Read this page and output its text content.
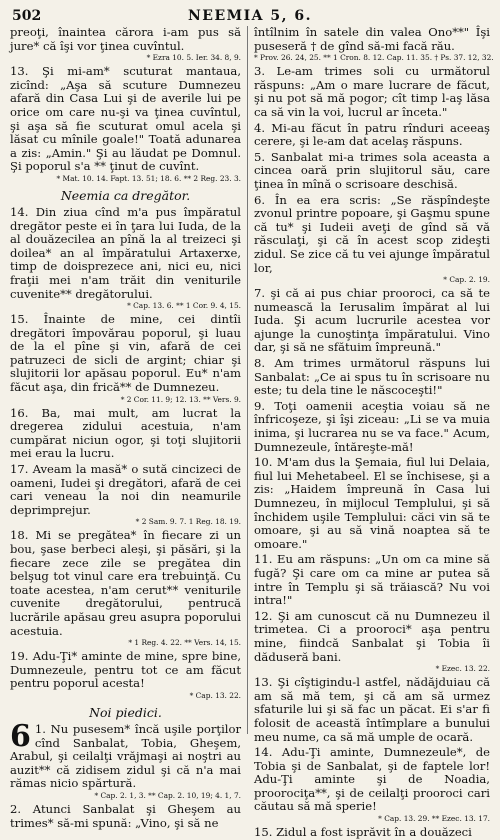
502	NEEMIA 5, 6.

preoţi, înaintea cărora i-am pus să jure* că îşi vor ţinea cuvîntul.

* Ezra 10. 5. Ier. 34. 8, 9.

13. Şi mi-am* scuturat mantaua, zicînd: „Aşa să scuture Dumnezeu afară din Casa Lui şi de averile lui pe orice om care nu-şi va ţinea cuvîntul, şi aşa să fie scuturat omul acela şi lăsat cu mînile goale!" Toată adunarea a zis: „Amin." Şi au lăudat pe Domnul. Şi poporul s'a ** ţinut de cuvînt.

* Mat. 10. 14. Fapt. 13. 51; 18. 6. ** 2 Reg. 23. 3.
Neemia ca dregător.

14. Din ziua cînd m'a pus împăratul dregător peste ei în ţara lui Iuda, de la al douăzecilea an pînă la al treizeci şi doilea* an al împăratului Artaxerxe, timp de doisprezece ani, nici eu, nici fraţii mei n'am trăit din veniturile cuvenite** dregătorului.

* Cap. 13. 6. ** 1 Cor. 9. 4, 15.

15. Înainte de mine, cei dintîi dregători împovărau poporul, şi luau de la el pîne şi vin, afară de cei patruzeci de sicli de argint; chiar şi slujitorii lor apăsau poporul. Eu* n'am făcut aşa, din frică** de Dumnezeu.

* 2 Cor. 11. 9; 12. 13. ** Vers. 9.

16. Ba, mai mult, am lucrat la dregerea zidului acestuia, n'am cumpărat niciun ogor, şi toţi slujitorii mei erau la lucru.

17. Aveam la masă* o sută cincizeci de oameni, Iudei şi dregători, afară de cei cari veneau la noi din neamurile deprimprejur.

* 2 Sam. 9. 7. 1 Reg. 18. 19.

18. Mi se pregătea* în fiecare zi un bou, şase berbeci aleşi, şi păsări, şi la fiecare zece zile se pregătea din belşug tot vinul care era trebuinţă. Cu toate acestea, n'am cerut** veniturile cuvenite dregătorului, pentrucă lucrările apăsau greu asupra poporului acestuia.

* 1 Reg. 4. 22. ** Vers. 14, 15.

19. Adu-Ţi* aminte de mine, spre bine, Dumnezeule, pentru tot ce am făcut pentru poporul acesta!

* Cap. 13. 22.
Noi piedici.
6 1. Nu pusesem* încă uşile porţilor cînd Sanbalat, Tobia, Gheşem, Arabul, şi ceilalţi vrăjmaşi ai noştri au auzit** că zidisem zidul şi că n'a mai rămas nicio spărtură.

* Cap. 2. 1, 3. ** Cap. 2. 10, 19; 4. 1, 7.

2. Atunci Sanbalat şi Gheşem au trimes* să-mi spună: „Vino, şi să ne

întîlnim în satele din valea Ono**" Îşi puseseră † de gînd să-mi facă rău.

* Prov. 26. 24, 25. ** 1 Cron. 8. 12. Cap. 11. 35. † Ps. 37. 12, 32.

3. Le-am trimes soli cu următorul răspuns: „Am o mare lucrare de făcut, şi nu pot să mă pogor; cît timp l-aş lăsa ca să vin la voi, lucrul ar înceta."

4. Mi-au făcut în patru rînduri aceeaş cerere, şi le-am dat acelaş răspuns.

5. Sanbalat mi-a trimes sola aceasta a cincea oară prin slujitorul său, care ţinea în mînă o scrisoare deschisă.

6. În ea era scris: „Se răspîndeşte zvonul printre popoare, şi Gaşmu spune că tu* şi Iudeii aveţi de gînd să vă răsculaţi, şi că în acest scop zideşti zidul. Se zice că tu vei ajunge împăratul lor,

* Cap. 2. 19.

7. şi că ai pus chiar prooroci, ca să te numească la Ierusalim împărat al lui Iuda. Şi acum lucrurile acestea vor ajunge la cunoştinţa împăratului. Vino dar, şi să ne sfătuim împreună."

8. Am trimes următorul răspuns lui Sanbalat: „Ce ai spus tu în scrisoare nu este; tu dela tine le născoceşti!"

9. Toţi oamenii aceştia voiau să ne înfricoşeze, şi îşi ziceau: „Li se va muia inima, şi lucrarea nu se va face." Acum, Dumnezeule, întăreşte-mă!

10. M'am dus la Şemaia, fiul lui Delaia, fiul lui Mehetabeel. El se închisese, şi a zis: „Haidem împreună în Casa lui Dumnezeu, în mijlocul Templului, şi să închidem uşile Templului: căci vin să te omoare, şi au să vină noaptea să te omoare."

11. Eu am răspuns: „Un om ca mine să fugă? Şi care om ca mine ar putea să intre în Templu şi să trăiască? Nu voi intra!"

12. Şi am cunoscut că nu Dumnezeu il trimetea. Ci a prooroci* aşa pentru mine, fiindcă Sanbalat şi Tobia îi dăduseră bani.

* Ezec. 13. 22.

13. Şi cîştigindu-l astfel, nădăjduiau că am să mă tem, şi că am să urmez sfaturile lui şi să fac un păcat. Ei s'ar fi folosit de această întîmplare a bunului meu nume, ca să mă umple de ocară.

14. Adu-Ţi aminte, Dumnezeule*, de Tobia şi de Sanbalat, şi de faptele lor! Adu-Ţi aminte şi de Noadia, proorociţa**, şi de ceilalţi prooroci cari căutau să mă sperie!

* Cap. 13. 29. ** Ezec. 13. 17.

15. Zidul a fost isprăvit în a douăzeci
